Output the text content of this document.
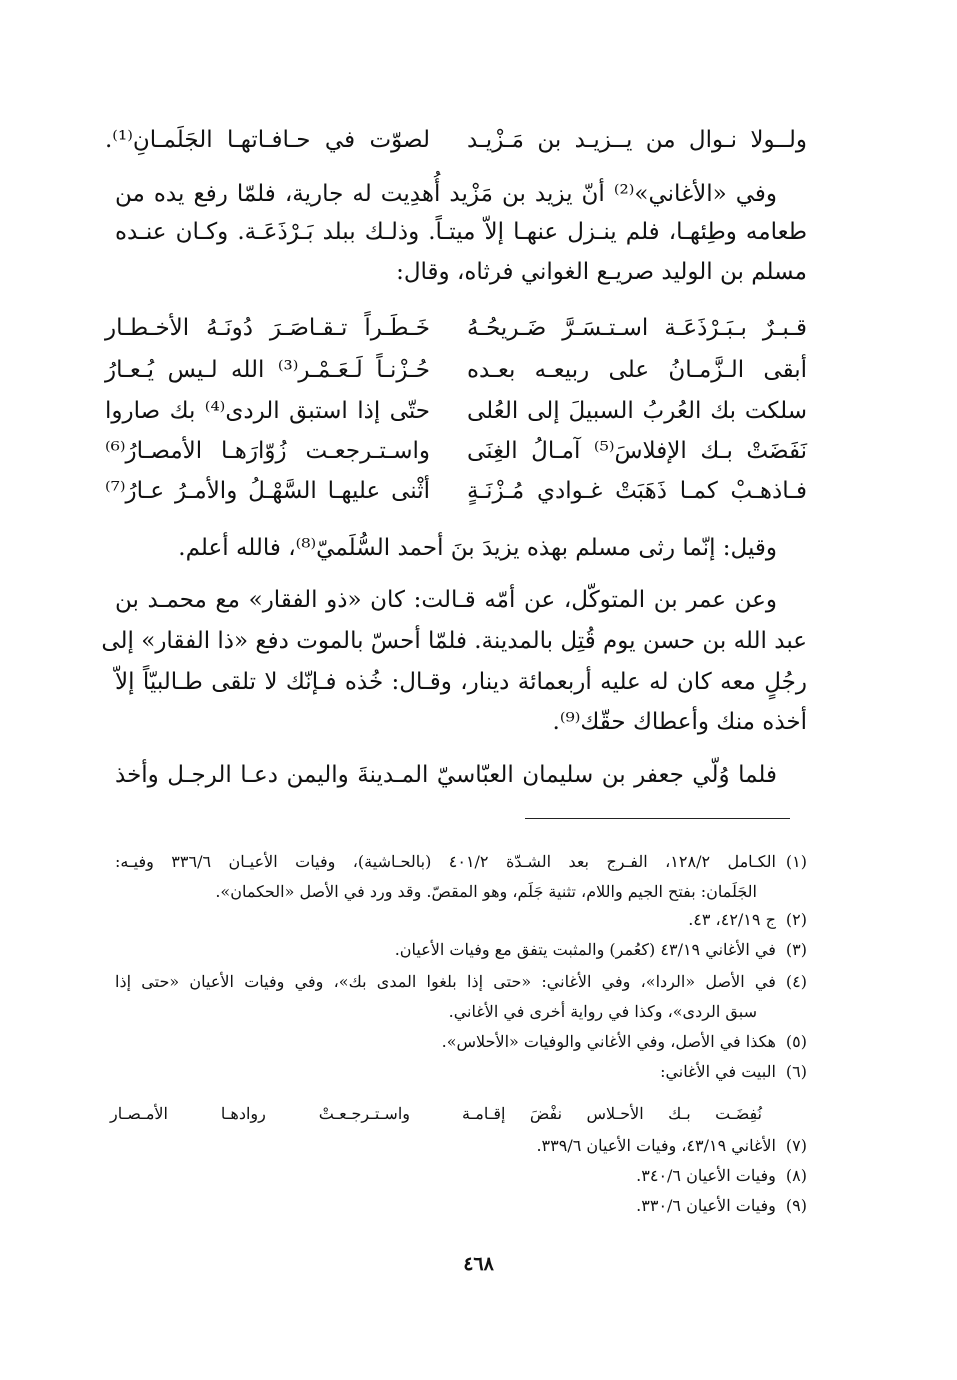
ولــولا نـوال من يــزيـد بن مَـزْيـد
لصوّت في حـافـاتهـا الجَلَمـانِ⁽¹⁾.
وفي «الأغاني»⁽²⁾ أنّ يزيد بن مَزْيد أُهدِيت له جارية، فلمّا رفع يده من
طعامه وطِئهـا، فلم ينـزل عنهـا إلاّ ميتـاً. وذلـك ببلد بَـرْذَعَـة. وكـان عنـده
مسلم بن الوليد صريـع الغواني فرثاه، وقال:
قـبـرٌ بـبَـرْذَعَـة اسـتـسَـرَّ ضَـريحُـهُ
خَـطَـراً تـقـاصَـرَ دُونَـهُ الأخـطـار
أبقى الـزَّمـانُ على ربيعـه بعـده
حُـزْنـاً لَـعَـمْـر⁽³⁾ الله لـيس يُـعـارُ
سلكت بك العُربُ السبيلَ إلى العُلى
حتّى إذا استبق الردى⁽⁴⁾ بك صاروا
نَفَضَتْ بـك الإفلاسَ⁽⁵⁾ آمـالُ الغِنَى
واسـتـرجعـت زُوّارَهـا الأمصـارُ⁽⁶⁾
فـاذهـبْ كمـا ذَهَبَتْ غـوادي مُـزْنَـةٍ
أثْنى عليهـا السَّهْـلُ والأمـرُ عـارُ⁽⁷⁾
وقيل: إنّما رثى مسلم بهذه يزيدَ بنَ أحمد السُّلَميّ⁽⁸⁾، فالله أعلم.
وعن عمر بن المتوكّل، عن أمّه قـالت: كان «ذو الفقار» مع محمـد بن
عبد الله بن حسن يوم قُتِل بالمدينة. فلمّا أحسّ بالموت دفع «ذا الفقار» إلى
رجُلٍ معه كان له عليه أربعمائة دينار، وقـال: خُذه فـإنّك لا تلقى طـالبيّاً إلاّ
أخذه منك وأعطاك حقّك⁽⁹⁾.
فلما وُلّي جعفر بن سليمان العبّاسيّ المـدينةَ واليمن دعـا الرجـل وأخذ
(١)الكـامل ١٢٨/٢، الفـرج بعد الشـدّة ٤٠١/٢ (بالحـاشية)، وفيات الأعيـان ٣٣٦/٦ وفيـه:
الجَلَمان: بفتح الجيم واللام، تثنية جَلَم، وهو المقصّ. وقد ورد في الأصل «الحكمان».
(٢)ج ٤٢/١٩، ٤٣.
(٣)في الأغاني ٤٣/١٩ (كعُمر) والمثبت يتفق مع وفيات الأعيان.
(٤)في الأصل «الردا»، وفي الأغاني: «حتى إذا بلغوا المدى بك»، وفي وفيات الأعيان «حتى إذا
سبق الردى»، وكذا في رواية أخرى في الأغاني.
(٥)هكذا في الأصل، وفي الأغاني والوفيات «الأحلاس».
(٦)البيت في الأغاني:
نُفِضَـت بـك الأحـلاس نفْضَ إقـامـة
واسـتـرجـعـتْ رواده‍ـا الأمـصـار
(٧)الأغاني ٤٣/١٩، وفيات الأعيان ٣٣٩/٦.
(٨)وفيات الأعيان ٣٤٠/٦.
(٩)وفيات الأعيان ٣٣٠/٦.
٤٦٨
